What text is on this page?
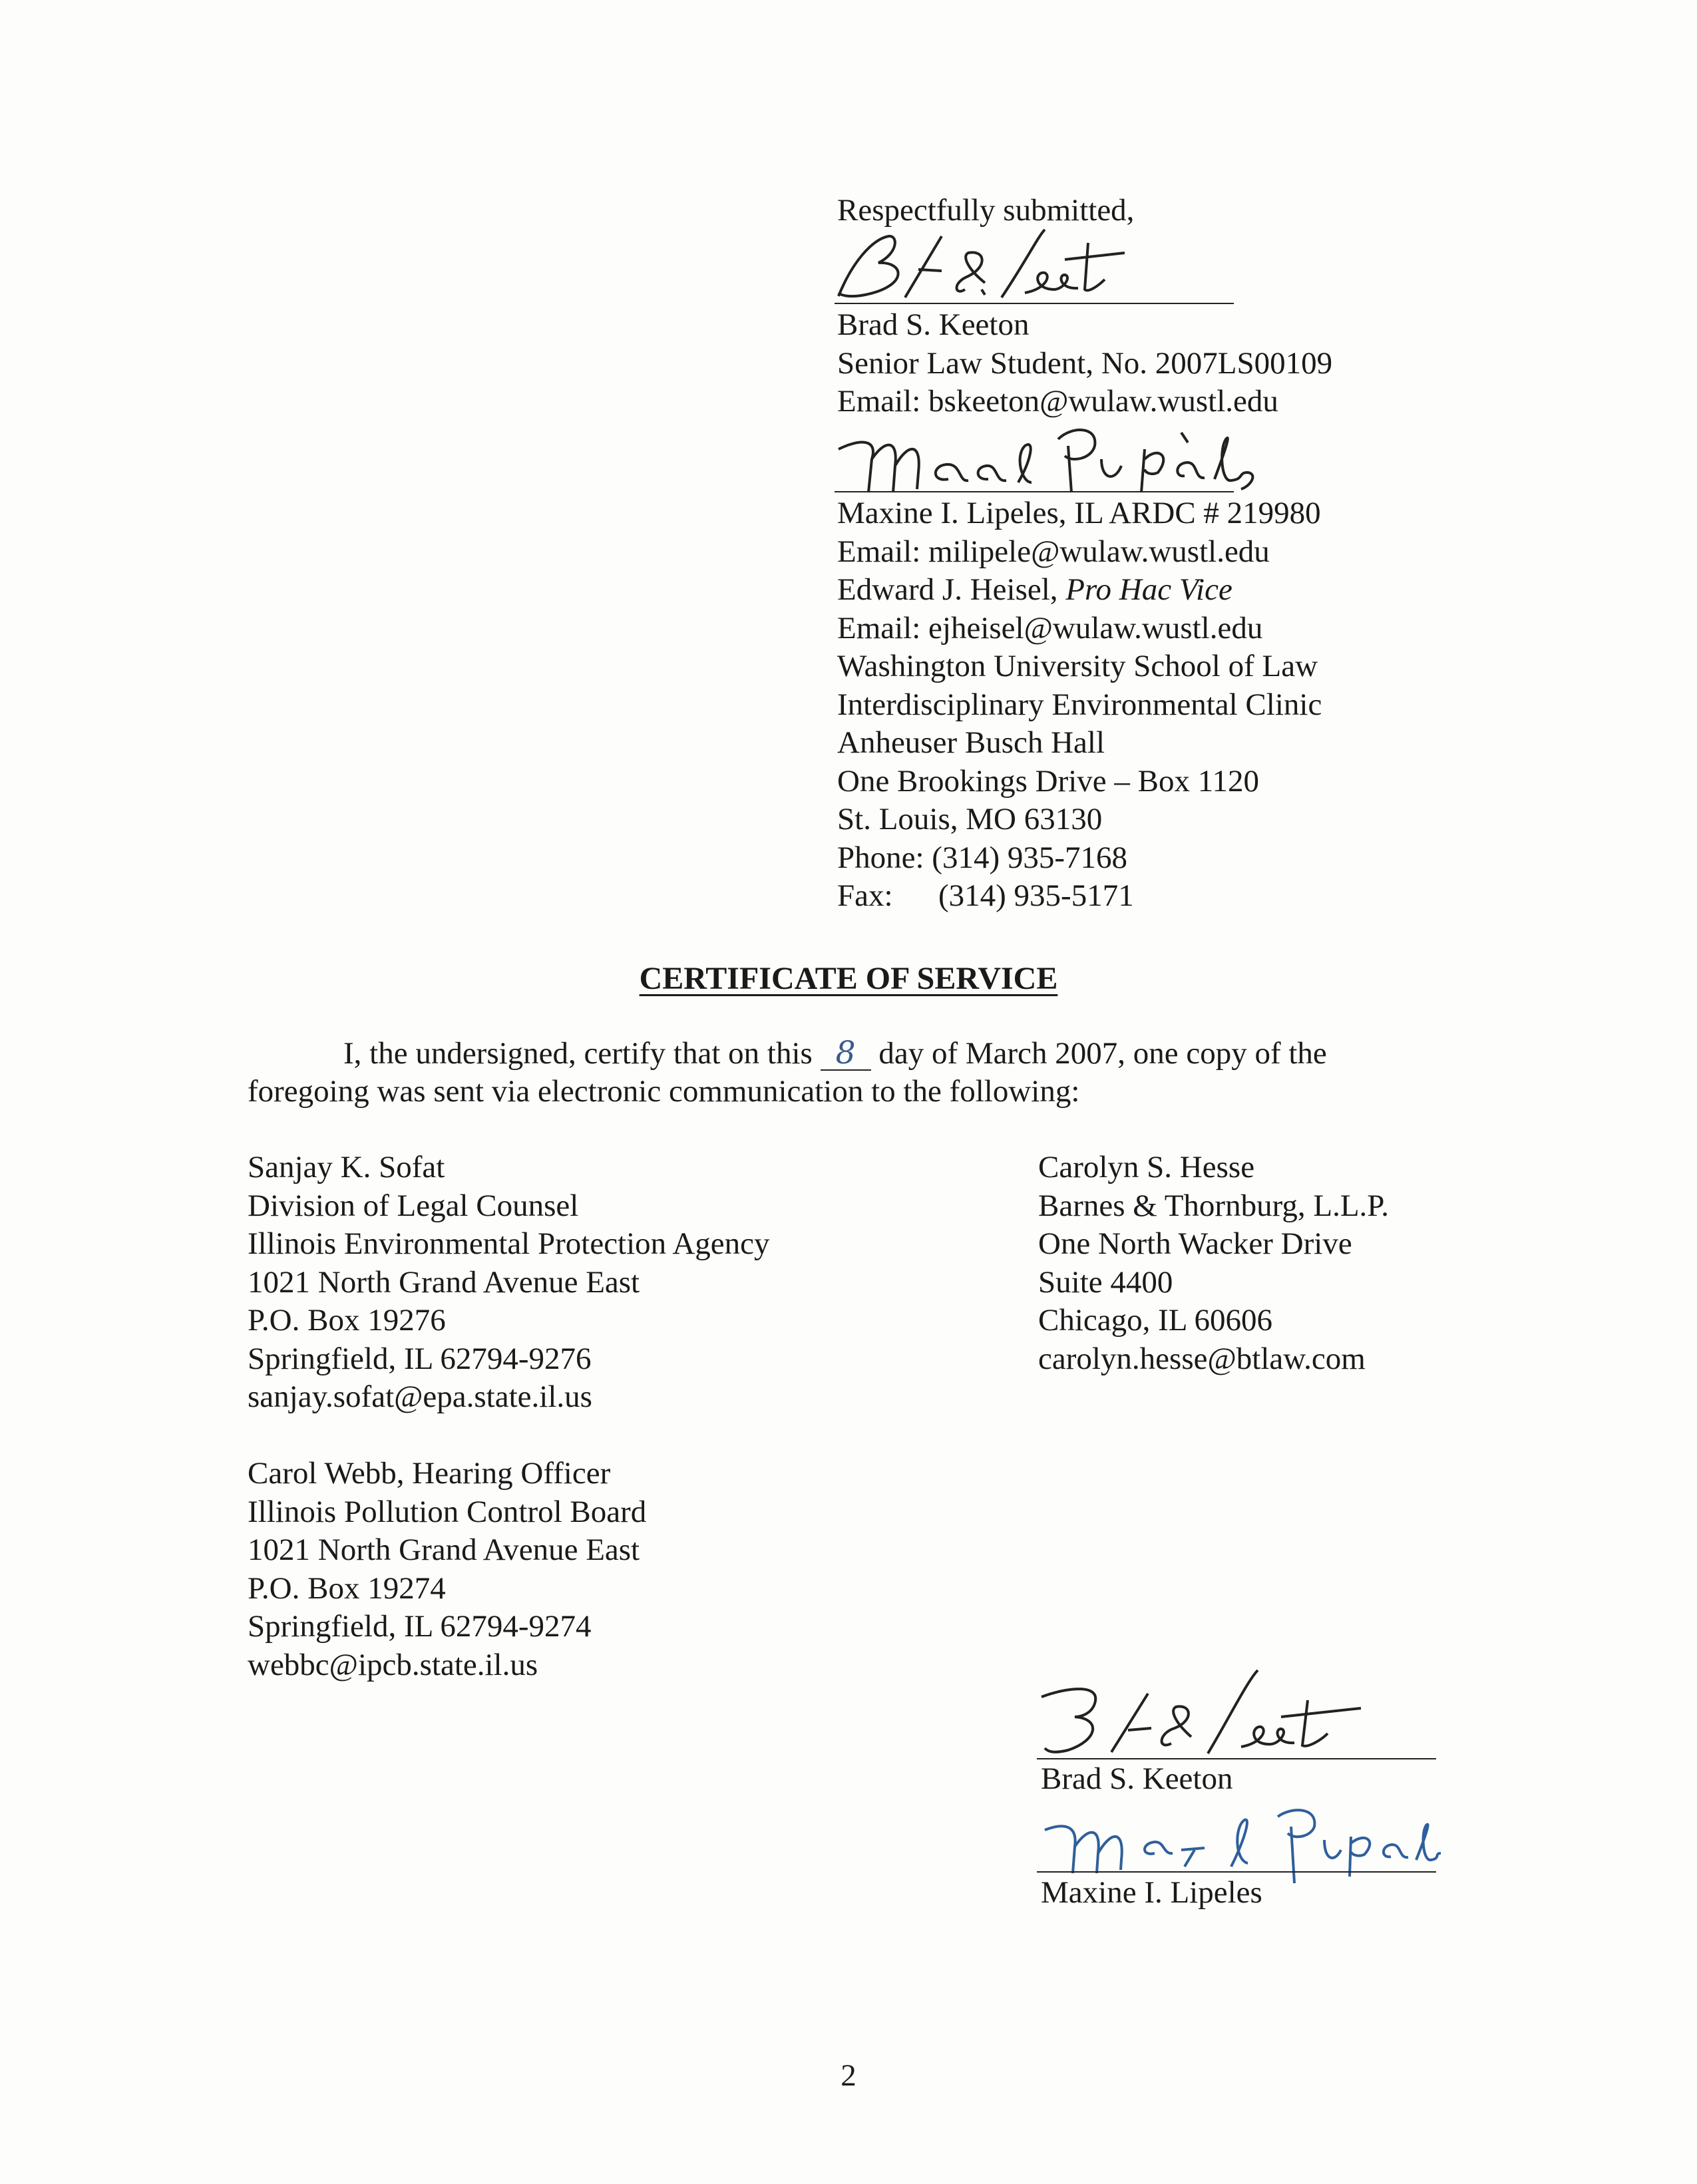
Respectfully submitted,
Brad S. Keeton
Senior Law Student, No. 2007LS00109
Email: bskeeton@wulaw.wustl.edu
Maxine I. Lipeles, IL ARDC # 219980
Email: milipele@wulaw.wustl.edu
Edward J. Heisel, Pro Hac Vice
Email: ejheisel@wulaw.wustl.edu
Washington University School of Law
Interdisciplinary Environmental Clinic
Anheuser Busch Hall
One Brookings Drive – Box 1120
St. Louis, MO 63130
Phone: (314) 935-7168
Fax: (314) 935-5171
CERTIFICATE OF SERVICE
I, the undersigned, certify that on this 8 day of March 2007, one copy of the
foregoing was sent via electronic communication to the following:
Sanjay K. Sofat
Division of Legal Counsel
Illinois Environmental Protection Agency
1021 North Grand Avenue East
P.O. Box 19276
Springfield, IL 62794-9276
sanjay.sofat@epa.state.il.us
Carolyn S. Hesse
Barnes & Thornburg, L.L.P.
One North Wacker Drive
Suite 4400
Chicago, IL 60606
carolyn.hesse@btlaw.com
Carol Webb, Hearing Officer
Illinois Pollution Control Board
1021 North Grand Avenue East
P.O. Box 19274
Springfield, IL 62794-9274
webbc@ipcb.state.il.us
Brad S. Keeton
Maxine I. Lipeles
2
